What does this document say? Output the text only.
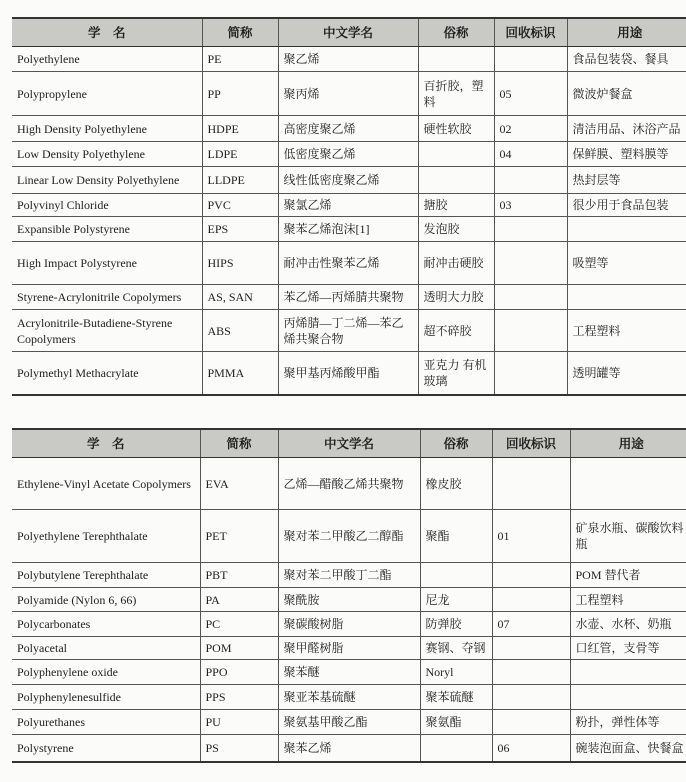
学　名	简称	中文学名	俗称	回收标识	用途
Polyethylene	PE	聚乙烯			食品包装袋、餐具
Polypropylene	PP	聚丙烯	百折胶，塑料	05	微波炉餐盒
High Density Polyethylene	HDPE	高密度聚乙烯	硬性软胶	02	清洁用品、沐浴产品
Low Density Polyethylene	LDPE	低密度聚乙烯		04	保鲜膜、塑料膜等
Linear Low Density Polyethylene	LLDPE	线性低密度聚乙烯			热封层等
Polyvinyl Chloride	PVC	聚氯乙烯	搪胶	03	很少用于食品包装
Expansible Polystyrene	EPS	聚苯乙烯泡沫[1]	发泡胶		
High Impact Polystyrene	HIPS	耐冲击性聚苯乙烯	耐冲击硬胶		吸塑等
Styrene-Acrylonitrile Copolymers	AS, SAN	苯乙烯—丙烯腈共聚物	透明大力胶		
Acrylonitrile-Butadiene-Styrene Copolymers	ABS	丙烯腈—丁二烯—苯乙烯共聚合物	超不碎胶		工程塑料
Polymethyl Methacrylate	PMMA	聚甲基丙烯酸甲酯	亚克力 有机玻璃		透明罐等
学　名	简称	中文学名	俗称	回收标识	用途
Ethylene-Vinyl Acetate Copolymers	EVA	乙烯—醋酸乙烯共聚物	橡皮胶		
Polyethylene Terephthalate	PET	聚对苯二甲酸乙二醇酯	聚酯	01	矿泉水瓶、碳酸饮料瓶
Polybutylene Terephthalate	PBT	聚对苯二甲酸丁二酯			POM 替代者
Polyamide (Nylon 6, 66)	PA	聚酰胺	尼龙		工程塑料
Polycarbonates	PC	聚碳酸树脂	防弹胶	07	水壶、水杯、奶瓶
Polyacetal	POM	聚甲醛树脂	赛钢、夺钢		口红管，支骨等
Polyphenylene oxide	PPO	聚苯醚	Noryl		
Polyphenylenesulfide	PPS	聚亚苯基硫醚	聚苯硫醚		
Polyurethanes	PU	聚氨基甲酸乙酯	聚氨酯		粉扑，弹性体等
Polystyrene	PS	聚苯乙烯		06	碗装泡面盒、快餐盒
